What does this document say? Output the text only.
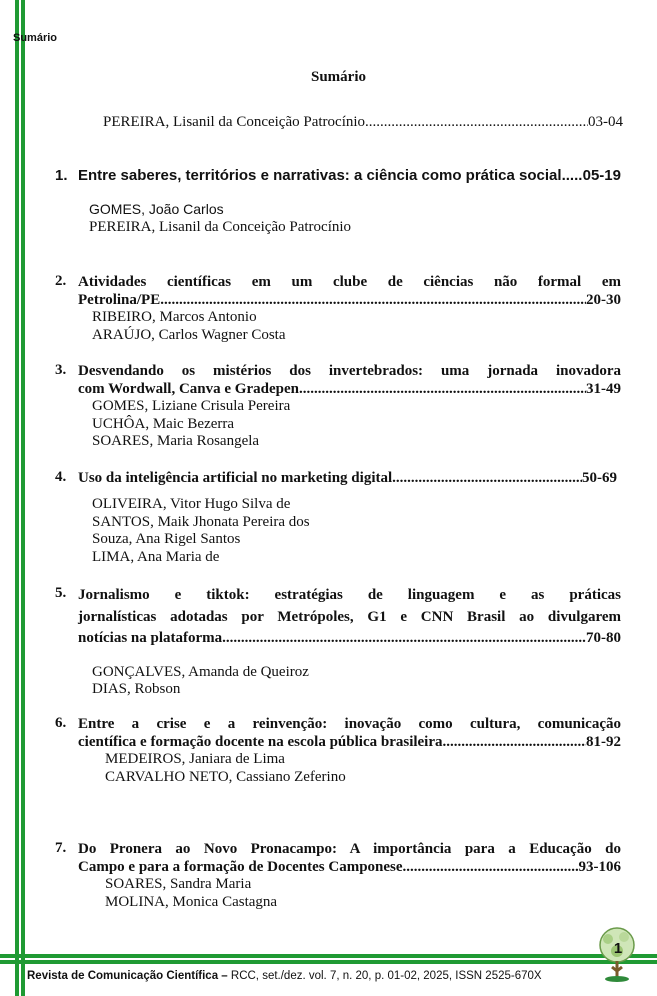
Sumário
Sumário
PEREIRA, Lisanil da Conceição Patrocínio .....	03-04
1. Entre saberes, territórios e narrativas: a ciência como prática social ..... 05-19
GOMES, João Carlos
PEREIRA, Lisanil da Conceição Patrocínio
2. Atividades científicas em um clube de ciências não formal em
Petrolina/PE .....	20-30
RIBEIRO, Marcos Antonio
ARAÚJO, Carlos Wagner Costa
3. Desvendando os mistérios dos invertebrados: uma jornada inovadora
com Wordwall, Canva e Gradepen .....	31-49
GOMES, Liziane Crisula Pereira
UCHÔA, Maic Bezerra
SOARES, Maria Rosangela
4. Uso da inteligência artificial no marketing digital .....	50-69
OLIVEIRA, Vitor Hugo Silva de
SANTOS, Maik Jhonata Pereira dos
Souza, Ana Rigel Santos
LIMA, Ana Maria de
5. Jornalismo e tiktok: estratégias de linguagem e as práticas
jornalísticas adotadas por Metrópoles, G1 e CNN Brasil ao divulgarem
notícias na plataforma .....	70-80
GONÇALVES, Amanda de Queiroz
DIAS, Robson
6. Entre a crise e a reinvenção: inovação como cultura, comunicação
científica e formação docente na escola pública brasileira .....	81-92
MEDEIROS, Janiara de Lima
CARVALHO NETO, Cassiano Zeferino
7. Do Pronera ao Novo Pronacampo: A importância para a Educação do
Campo e para a formação de Docentes Camponese .....	93-106
SOARES, Sandra Maria
MOLINA, Monica Castagna
1
Revista de Comunicação Científica – RCC, set./dez. vol. 7, n. 20, p. 01-02, 2025, ISSN 2525-670X
